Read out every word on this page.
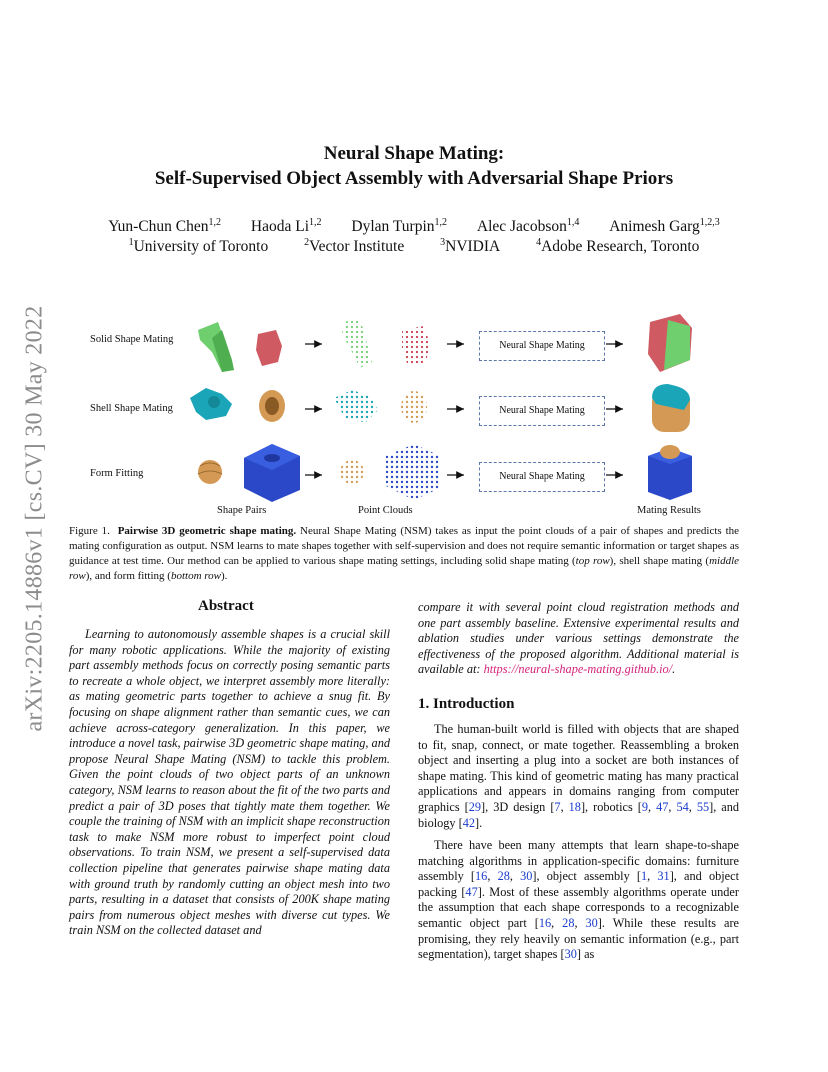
arXiv:2205.14886v1 [cs.CV] 30 May 2022
Neural Shape Mating:
Self-Supervised Object Assembly with Adversarial Shape Priors
Yun-Chun Chen$^{1,2}$ Haoda Li$^{1,2}$ Dylan Turpin$^{1,2}$ Alec Jacobson$^{1,4}$ Animesh Garg$^{1,2,3}$
$^1$University of Toronto	$^2$Vector Institute	$^3$NVIDIA	$^4$Adobe Research, Toronto
Solid Shape Mating
Shell Shape Mating
Form Fitting
Neural Shape Mating
Neural Shape Mating
Neural Shape Mating
Shape Pairs	Point Clouds	Mating Results
Figure 1. Pairwise 3D geometric shape mating. Neural Shape Mating (NSM) takes as input the point clouds of a pair of shapes and predicts the mating configuration as output. NSM learns to mate shapes together with self-supervision and does not require semantic information or target shapes as guidance at test time. Our method can be applied to various shape mating settings, including solid shape mating (top row), shell shape mating (middle row), and form fitting (bottom row).
Abstract
Learning to autonomously assemble shapes is a crucial skill for many robotic applications. While the majority of existing part assembly methods focus on correctly posing semantic parts to recreate a whole object, we interpret assembly more literally: as mating geometric parts together to achieve a snug fit. By focusing on shape alignment rather than semantic cues, we can achieve across-category generalization. In this paper, we introduce a novel task, pairwise 3D geometric shape mating, and propose Neural Shape Mating (NSM) to tackle this problem. Given the point clouds of two object parts of an unknown category, NSM learns to reason about the fit of the two parts and predict a pair of 3D poses that tightly mate them together. We couple the training of NSM with an implicit shape reconstruction task to make NSM more robust to imperfect point cloud observations. To train NSM, we present a self-supervised data collection pipeline that generates pairwise shape mating data with ground truth by randomly cutting an object mesh into two parts, resulting in a dataset that consists of 200K shape mating pairs from numerous object meshes with diverse cut types. We train NSM on the collected dataset and
compare it with several point cloud registration methods and one part assembly baseline. Extensive experimental results and ablation studies under various settings demonstrate the effectiveness of the proposed algorithm. Additional material is available at: https://neural-shape-mating.github.io/.
1. Introduction
The human-built world is filled with objects that are shaped to fit, snap, connect, or mate together. Reassembling a broken object and inserting a plug into a socket are both instances of shape mating. This kind of geometric mating has many practical applications and appears in domains ranging from computer graphics [29], 3D design [7, 18], robotics [9, 47, 54, 55], and biology [42].
There have been many attempts that learn shape-to-shape matching algorithms in application-specific domains: furniture assembly [16, 28, 30], object assembly [1, 31], and object packing [47]. Most of these assembly algorithms operate under the assumption that each shape corresponds to a recognizable semantic object part [16, 28, 30]. While these results are promising, they rely heavily on semantic information (e.g., part segmentation), target shapes [30] as
